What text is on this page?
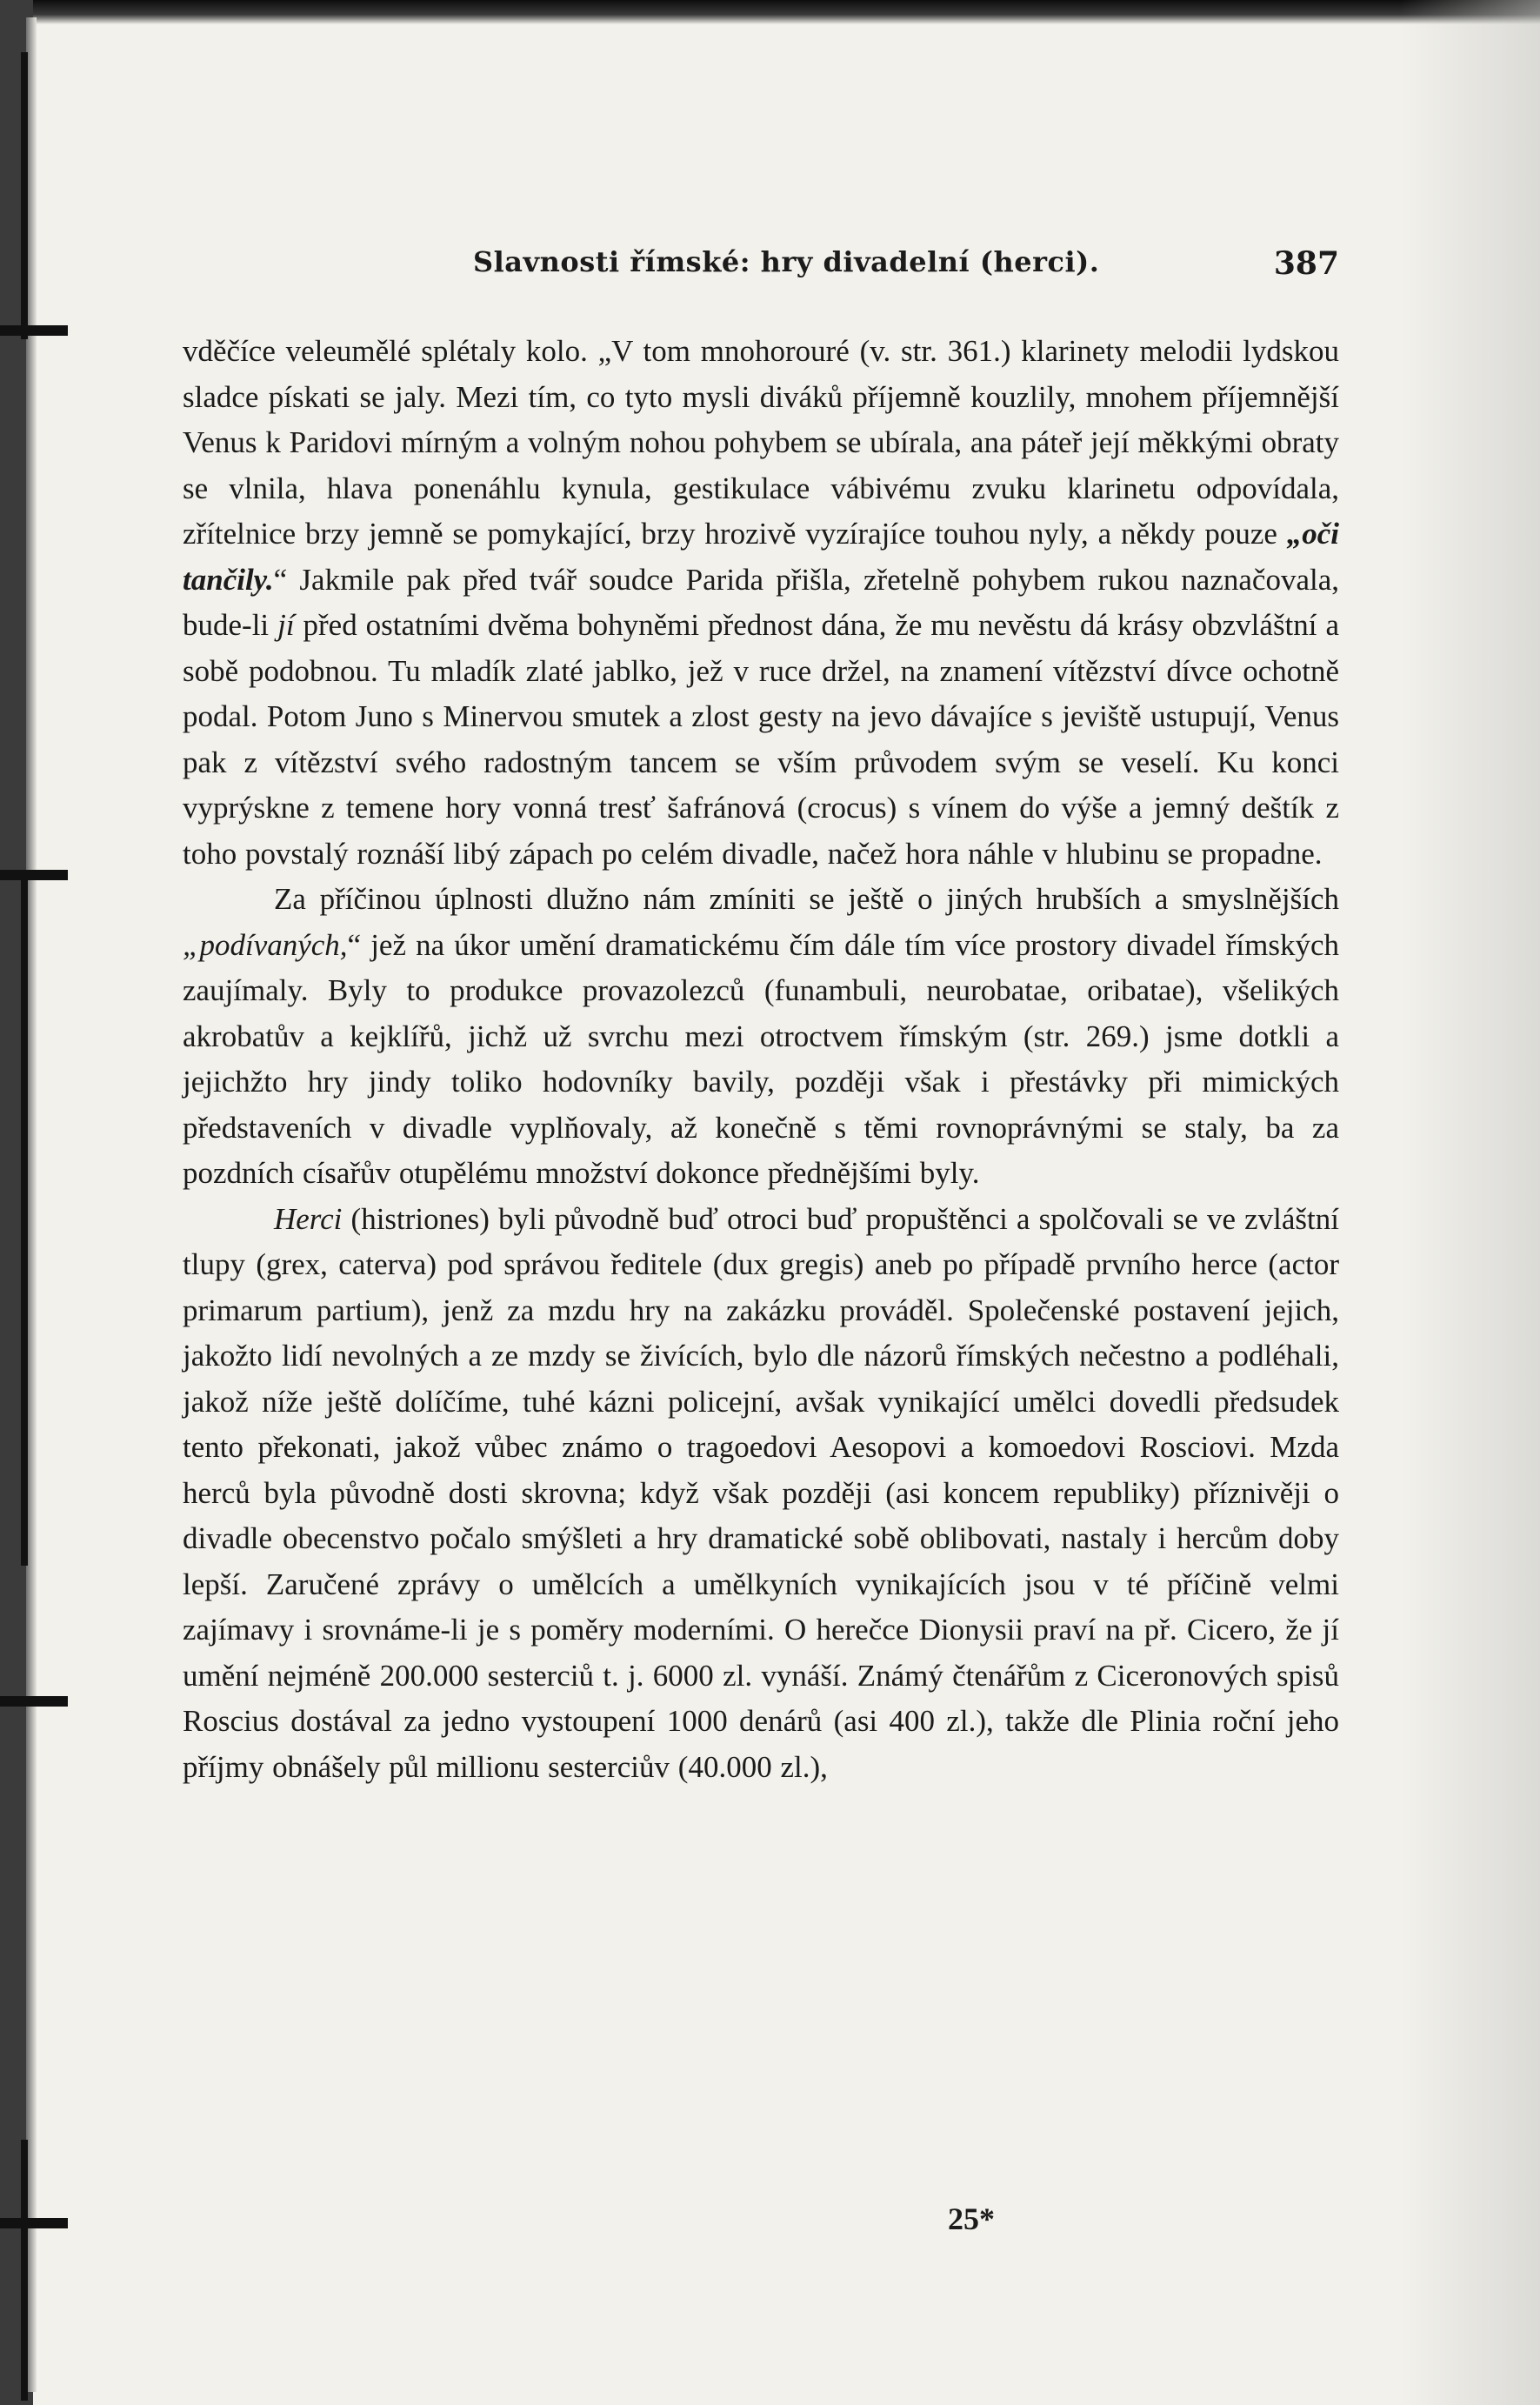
Slavnosti římské: hry divadelní (herci).	387

vděčíce veleumělé splétaly kolo. „V tom mnohorouré (v. str. 361.) klarinety melodii lydskou sladce pískati se jaly. Mezi tím, co tyto mysli diváků příjemně kouzlily, mnohem příjemnější Venus k Paridovi mírným a volným nohou pohybem se ubírala, ana páteř její měkkými obraty se vlnila, hlava ponenáhlu kynula, gestikulace vábivému zvuku klarinetu odpovídala, zřítelnice brzy jemně se pomykající, brzy hrozivě vyzírajíce touhou nyly, a někdy pouze „oči tančily.“ Jakmile pak před tvář soudce Parida přišla, zřetelně pohybem rukou naznačovala, bude-li jí před ostatními dvěma bohyněmi přednost dána, že mu nevěstu dá krásy obzvláštní a sobě podobnou. Tu mladík zlaté jablko, jež v ruce držel, na znamení vítězství dívce ochotně podal. Potom Juno s Minervou smutek a zlost gesty na jevo dávajíce s jeviště ustupují, Venus pak z vítězství svého radostným tancem se vším průvodem svým se veselí. Ku konci vyprýskne z temene hory vonná tresť šafránová (crocus) s vínem do výše a jemný deštík z toho povstalý roznáší libý zápach po celém divadle, načež hora náhle v hlubinu se propadne.

Za příčinou úplnosti dlužno nám zmíniti se ještě o jiných hrubších a smyslnějších „podívaných,“ jež na úkor umění dramatickému čím dále tím více prostory divadel římských zaujímaly. Byly to produkce provazolezců (funambuli, neurobatae, oribatae), všelikých akrobatův a kejklířů, jichž už svrchu mezi otroctvem římským (str. 269.) jsme dotkli a jejichžto hry jindy toliko hodovníky bavily, později však i přestávky při mimických představeních v divadle vyplňovaly, až konečně s těmi rovnoprávnými se staly, ba za pozdních císařův otupělému množství dokonce přednějšími byly.

Herci (histriones) byli původně buď otroci buď propuštěnci a spolčovali se ve zvláštní tlupy (grex, caterva) pod správou ředitele (dux gregis) aneb po případě prvního herce (actor primarum partium), jenž za mzdu hry na zakázku prováděl. Společenské postavení jejich, jakožto lidí nevolných a ze mzdy se živících, bylo dle názorů římských nečestno a podléhali, jakož níže ještě dolíčíme, tuhé kázni policejní, avšak vynikající umělci dovedli předsudek tento překonati, jakož vůbec známo o tragoedovi Aesopovi a komoedovi Rosciovi. Mzda herců byla původně dosti skrovna; když však později (asi koncem republiky) příznivěji o divadle obecenstvo počalo smýšleti a hry dramatické sobě oblibovati, nastaly i hercům doby lepší. Zaručené zprávy o umělcích a umělkyních vynikajících jsou v té příčině velmi zajímavy i srovnáme-li je s poměry moderními. O herečce Dionysii praví na př. Cicero, že jí umění nejméně 200.000 sesterciů t. j. 6000 zl. vynáší. Známý čtenářům z Ciceronových spisů Roscius dostával za jedno vystoupení 1000 denárů (asi 400 zl.), takže dle Plinia roční jeho příjmy obnášely půl millionu sesterciův (40.000 zl.),

25*
